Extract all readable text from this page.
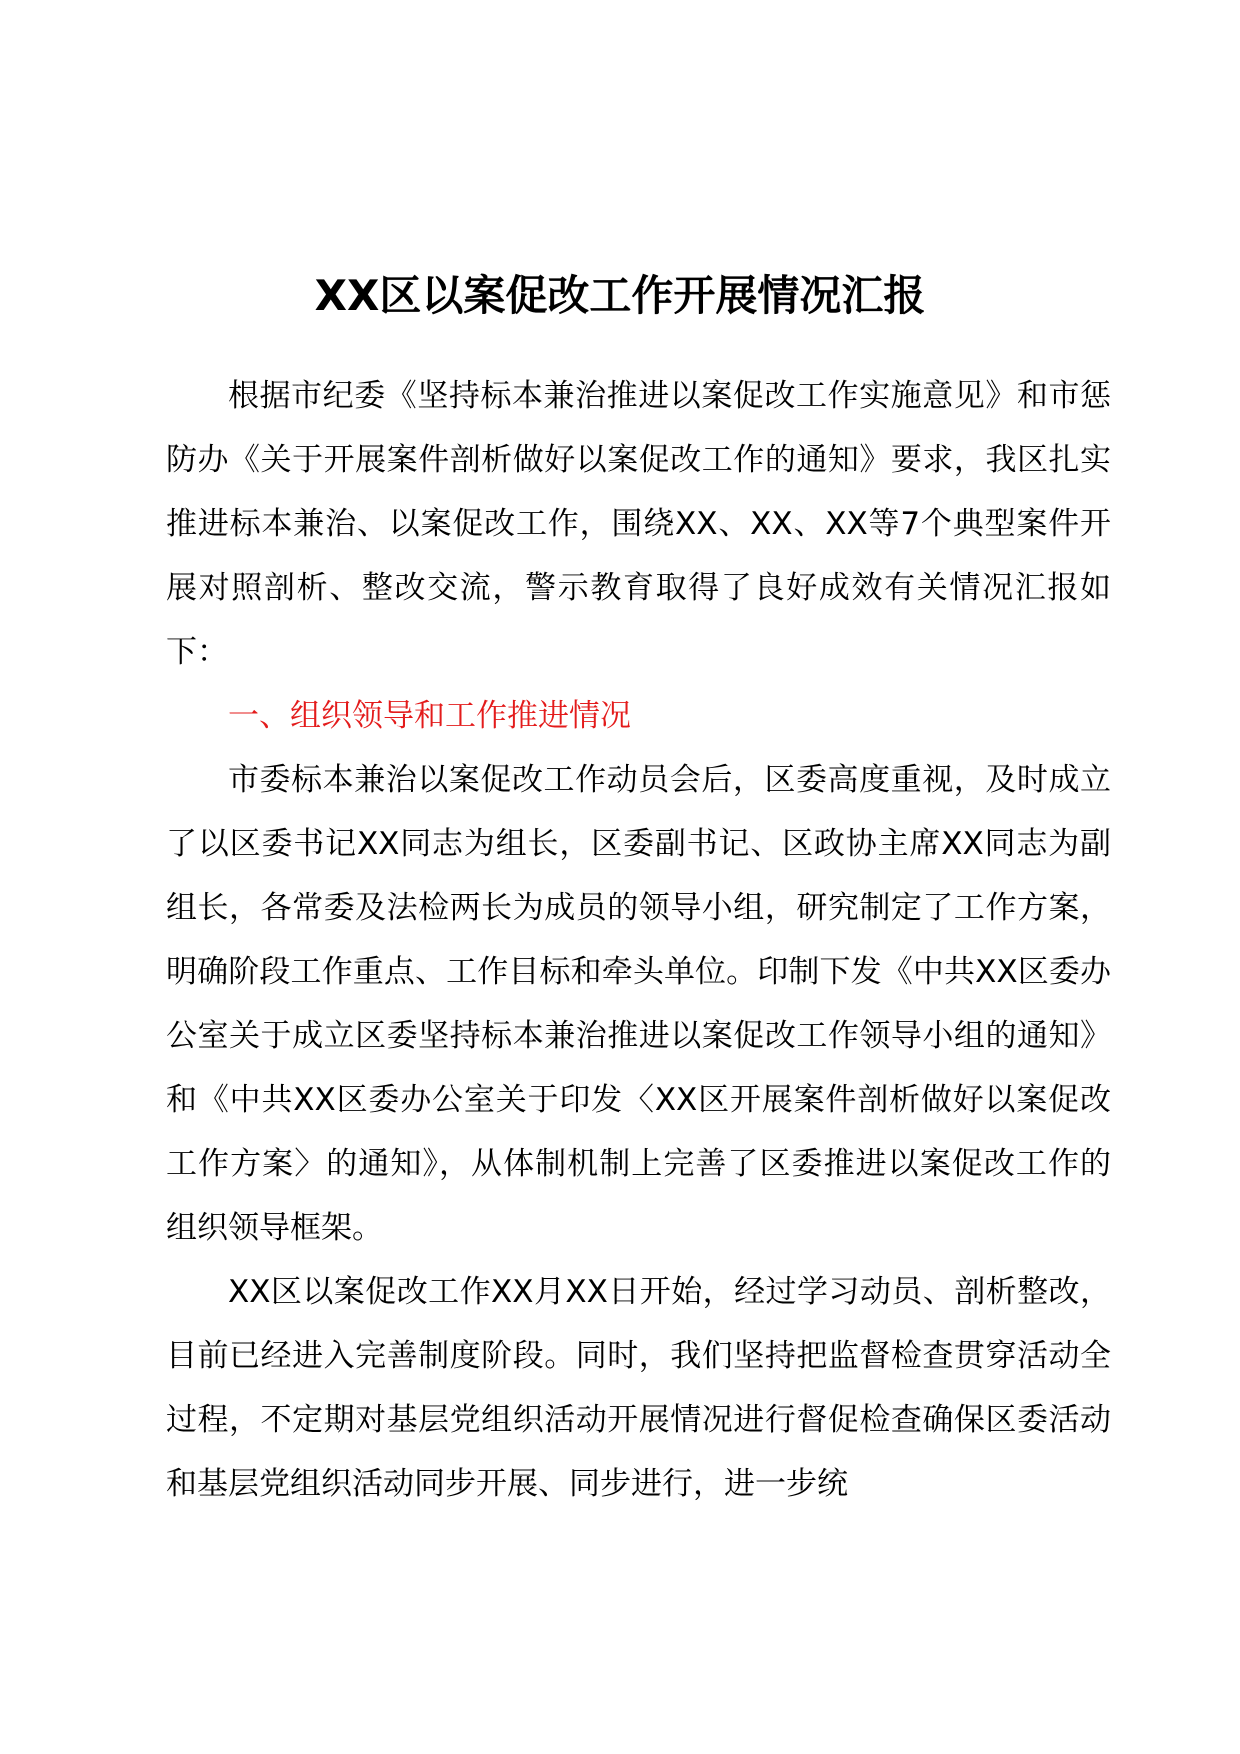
XX区以案促改工作开展情况汇报

根据市纪委《坚持标本兼治推进以案促改工作实施意见》和市惩防办《关于开展案件剖析做好以案促改工作的通知》要求，我区扎实推进标本兼治、以案促改工作，围绕XX、XX、XX等7个典型案件开展对照剖析、整改交流，警示教育取得了良好成效有关情况汇报如下：

一、组织领导和工作推进情况

市委标本兼治以案促改工作动员会后，区委高度重视，及时成立了以区委书记XX同志为组长，区委副书记、区政协主席XX同志为副组长，各常委及法检两长为成员的领导小组，研究制定了工作方案，明确阶段工作重点、工作目标和牵头单位。印制下发《中共XX区委办公室关于成立区委坚持标本兼治推进以案促改工作领导小组的通知》和《中共XX区委办公室关于印发〈XX区开展案件剖析做好以案促改工作方案〉的通知》，从体制机制上完善了区委推进以案促改工作的组织领导框架。

XX区以案促改工作XX月XX日开始，经过学习动员、剖析整改，目前已经进入完善制度阶段。同时，我们坚持把监督检查贯穿活动全过程，不定期对基层党组织活动开展情况进行督促检查确保区委活动和基层党组织活动同步开展、同步进行，进一步统
